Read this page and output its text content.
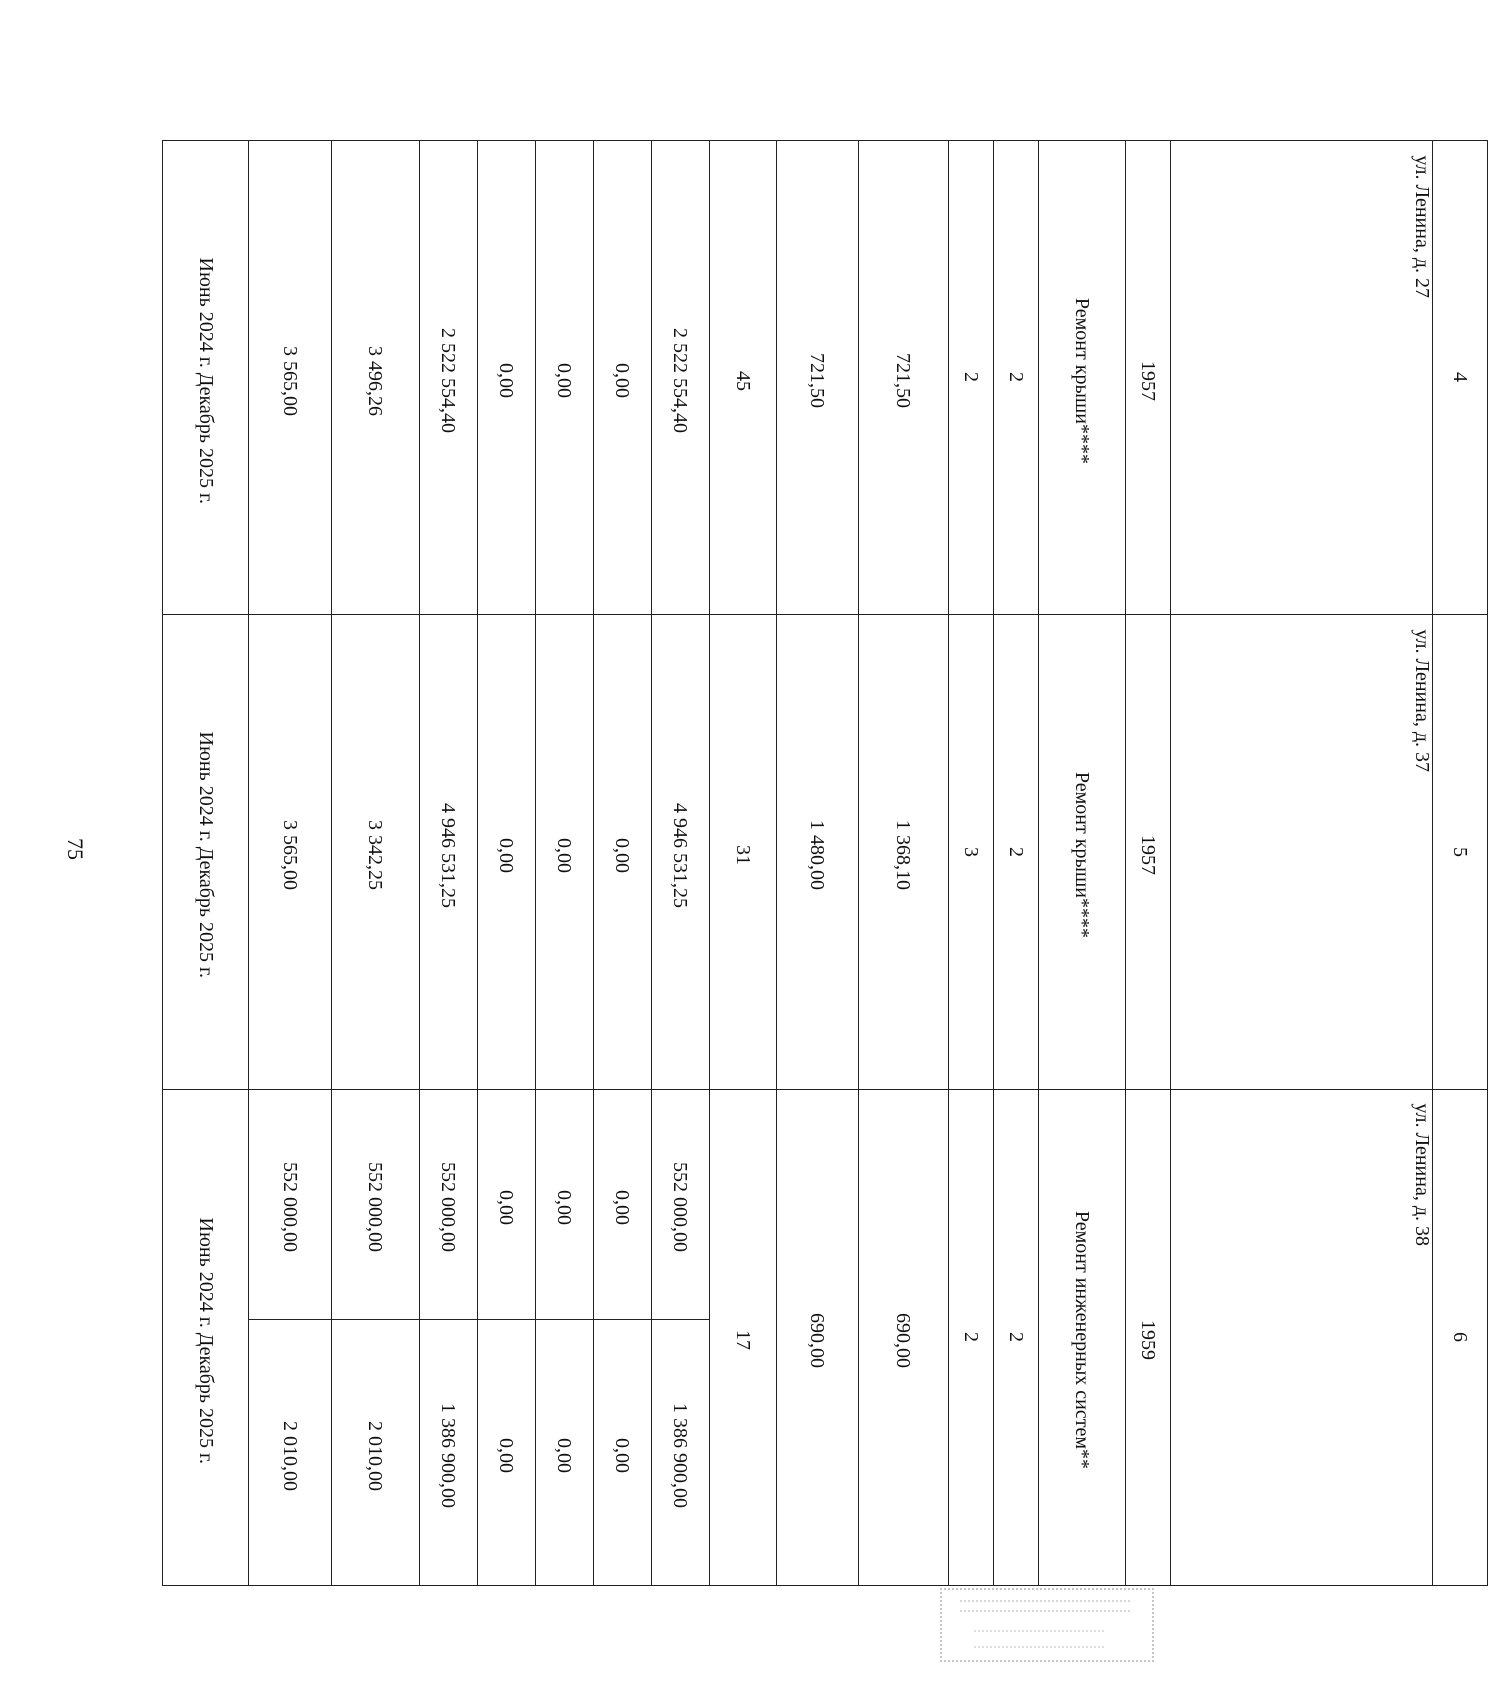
75
6	ул. Ленина, д. 38	1959	Ремонт инженерных систем**	2	2	690,00	690,00	17	1 386 900,00	0,00	0,00	0,00	1 386 900,00	2 010,00	2 010,00	Июнь 2024 г. Декабрь 2025 г.
									552 000,00	0,00	0,00	0,00	552 000,00	552 000,00	552 000,00	
5	ул. Ленина, д. 37	1957	Ремонт крыши****	2	3	1 368,10	1 480,00	31	4 946 531,25	0,00	0,00	0,00	4 946 531,25	3 342,25	3 565,00	Июнь 2024 г. Декабрь 2025 г.
4	ул. Ленина, д. 27	1957	Ремонт крыши****	2	2	721,50	721,50	45	2 522 554,40	0,00	0,00	0,00	2 522 554,40	3 496,26	3 565,00	Июнь 2024 г. Декабрь 2025 г.
